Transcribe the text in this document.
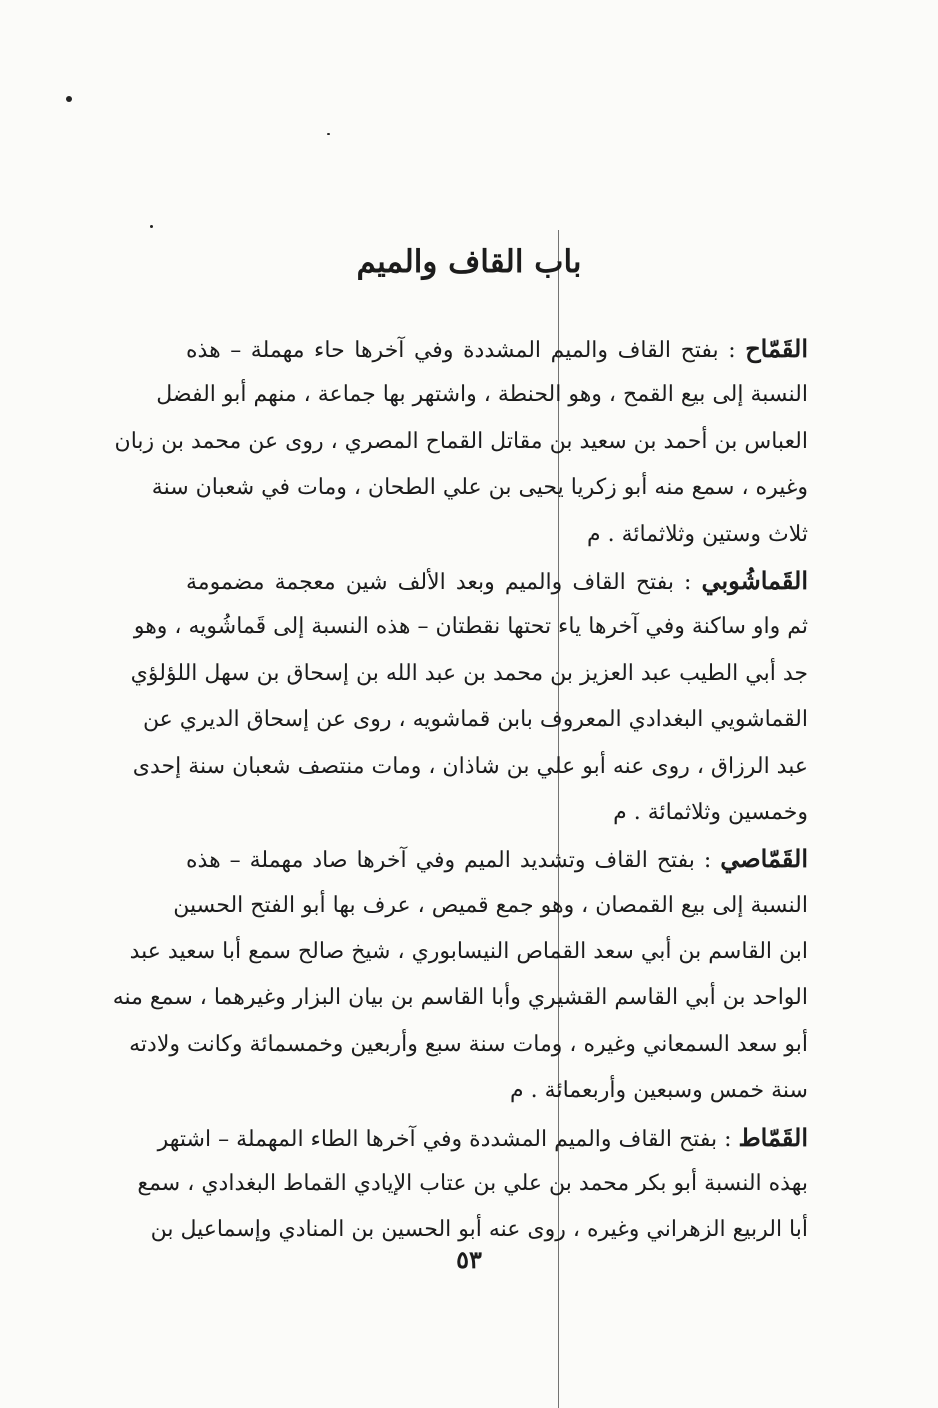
باب القاف والميم
القَمّاح : بفتح القاف والميم المشددة وفي آخرها حاء مهملة – هذه
النسبة إلى بيع القمح ، وهو الحنطة ، واشتهر بها جماعة ، منهم أبو الفضل
العباس بن أحمد بن سعيد بن مقاتل القماح المصري ، روى عن محمد بن زبان
وغيره ، سمع منه أبو زكريا يحيى بن علي الطحان ، ومات في شعبان سنة
ثلاث وستين وثلاثمائة . م
القَماشُوبي : بفتح القاف والميم وبعد الألف شين معجمة مضمومة
ثم واو ساكنة وفي آخرها ياء تحتها نقطتان – هذه النسبة إلى قَماشُويه ، وهو
جد أبي الطيب عبد العزيز بن محمد بن عبد الله بن إسحاق بن سهل اللؤلؤي
القماشويي البغدادي المعروف بابن قماشويه ، روى عن إسحاق الديري عن
عبد الرزاق ، روى عنه أبو علي بن شاذان ، ومات منتصف شعبان سنة إحدى
وخمسين وثلاثمائة . م
القَمّاصي : بفتح القاف وتشديد الميم وفي آخرها صاد مهملة – هذه
النسبة إلى بيع القمصان ، وهو جمع قميص ، عرف بها أبو الفتح الحسين
ابن القاسم بن أبي سعد القماص النيسابوري ، شيخ صالح سمع أبا سعيد عبد
الواحد بن أبي القاسم القشيري وأبا القاسم بن بيان البزار وغيرهما ، سمع منه
أبو سعد السمعاني وغيره ، ومات سنة سبع وأربعين وخمسمائة وكانت ولادته
سنة خمس وسبعين وأربعمائة . م
القَمّاط : بفتح القاف والميم المشددة وفي آخرها الطاء المهملة – اشتهر
بهذه النسبة أبو بكر محمد بن علي بن عتاب الإيادي القماط البغدادي ، سمع
أبا الربيع الزهراني وغيره ، روى عنه أبو الحسين بن المنادي وإسماعيل بن
٥٣
